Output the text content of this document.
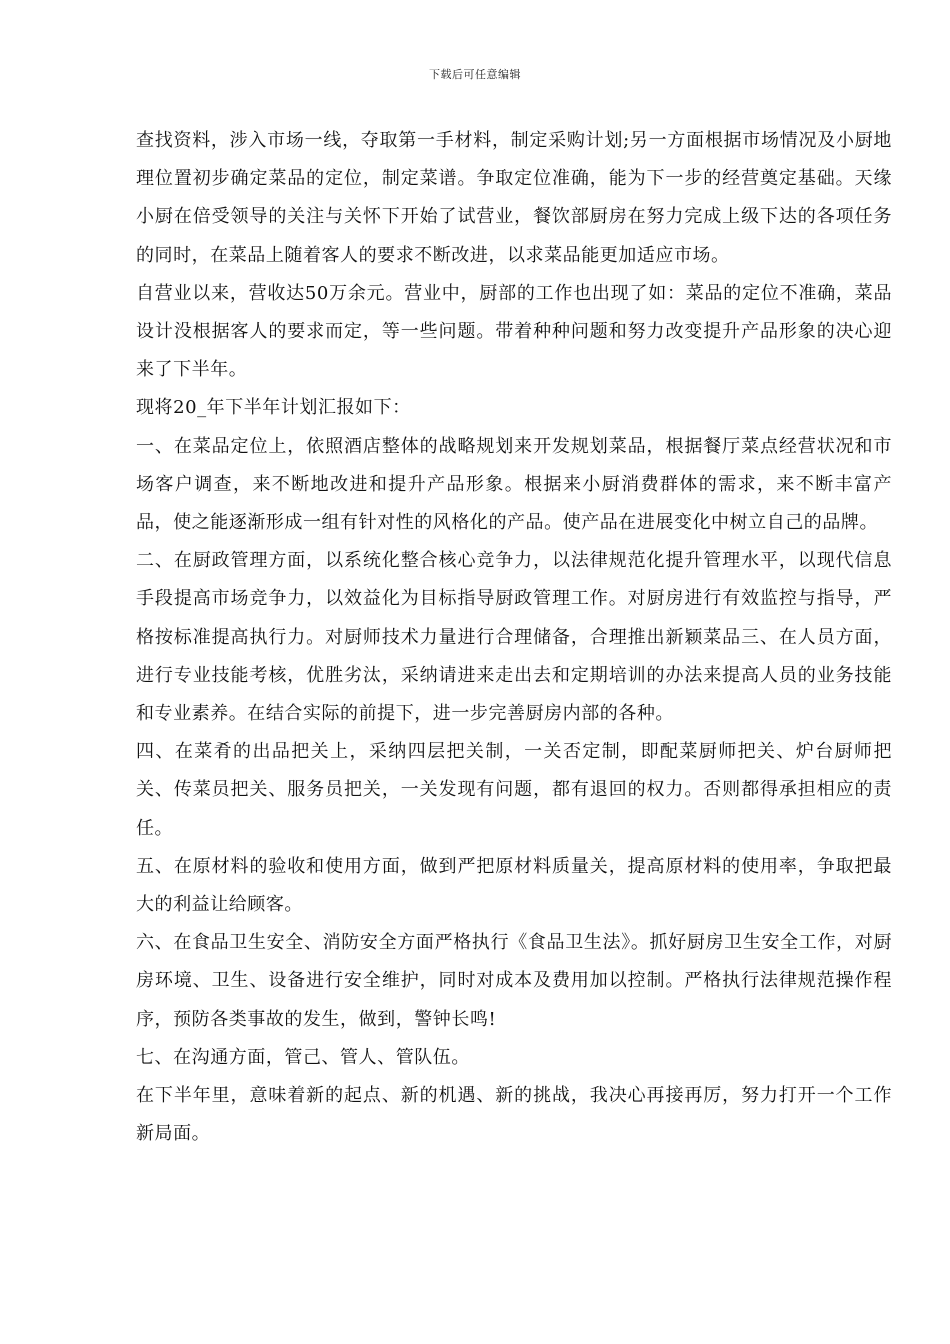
下载后可任意编辑

查找资料，涉入市场一线，夺取第一手材料，制定采购计划;另一方面根据市场情况及小厨地理位置初步确定菜品的定位，制定菜谱。争取定位准确，能为下一步的经营奠定基础。天缘小厨在倍受领导的关注与关怀下开始了试营业，餐饮部厨房在努力完成上级下达的各项任务的同时，在菜品上随着客人的要求不断改进，以求菜品能更加适应市场。

自营业以来，营收达50万余元。营业中，厨部的工作也出现了如：菜品的定位不准确，菜品设计没根据客人的要求而定，等一些问题。带着种种问题和努力改变提升产品形象的决心迎来了下半年。

现将20_年下半年计划汇报如下：

一、在菜品定位上，依照酒店整体的战略规划来开发规划菜品，根据餐厅菜点经营状况和市场客户调查，来不断地改进和提升产品形象。根据来小厨消费群体的需求，来不断丰富产品，使之能逐渐形成一组有针对性的风格化的产品。使产品在进展变化中树立自己的品牌。

二、在厨政管理方面，以系统化整合核心竞争力，以法律规范化提升管理水平，以现代信息手段提高市场竞争力，以效益化为目标指导厨政管理工作。对厨房进行有效监控与指导，严格按标准提高执行力。对厨师技术力量进行合理储备，合理推出新颖菜品三、在人员方面，进行专业技能考核，优胜劣汰，采纳请进来走出去和定期培训的办法来提高人员的业务技能和专业素养。在结合实际的前提下，进一步完善厨房内部的各种。

四、在菜肴的出品把关上，采纳四层把关制，一关否定制，即配菜厨师把关、炉台厨师把关、传菜员把关、服务员把关，一关发现有问题，都有退回的权力。否则都得承担相应的责任。

五、在原材料的验收和使用方面，做到严把原材料质量关，提高原材料的使用率，争取把最大的利益让给顾客。

六、在食品卫生安全、消防安全方面严格执行《食品卫生法》。抓好厨房卫生安全工作，对厨房环境、卫生、设备进行安全维护，同时对成本及费用加以控制。严格执行法律规范操作程序，预防各类事故的发生，做到，警钟长鸣!

七、在沟通方面，管己、管人、管队伍。

在下半年里，意味着新的起点、新的机遇、新的挑战，我决心再接再厉，努力打开一个工作新局面。
